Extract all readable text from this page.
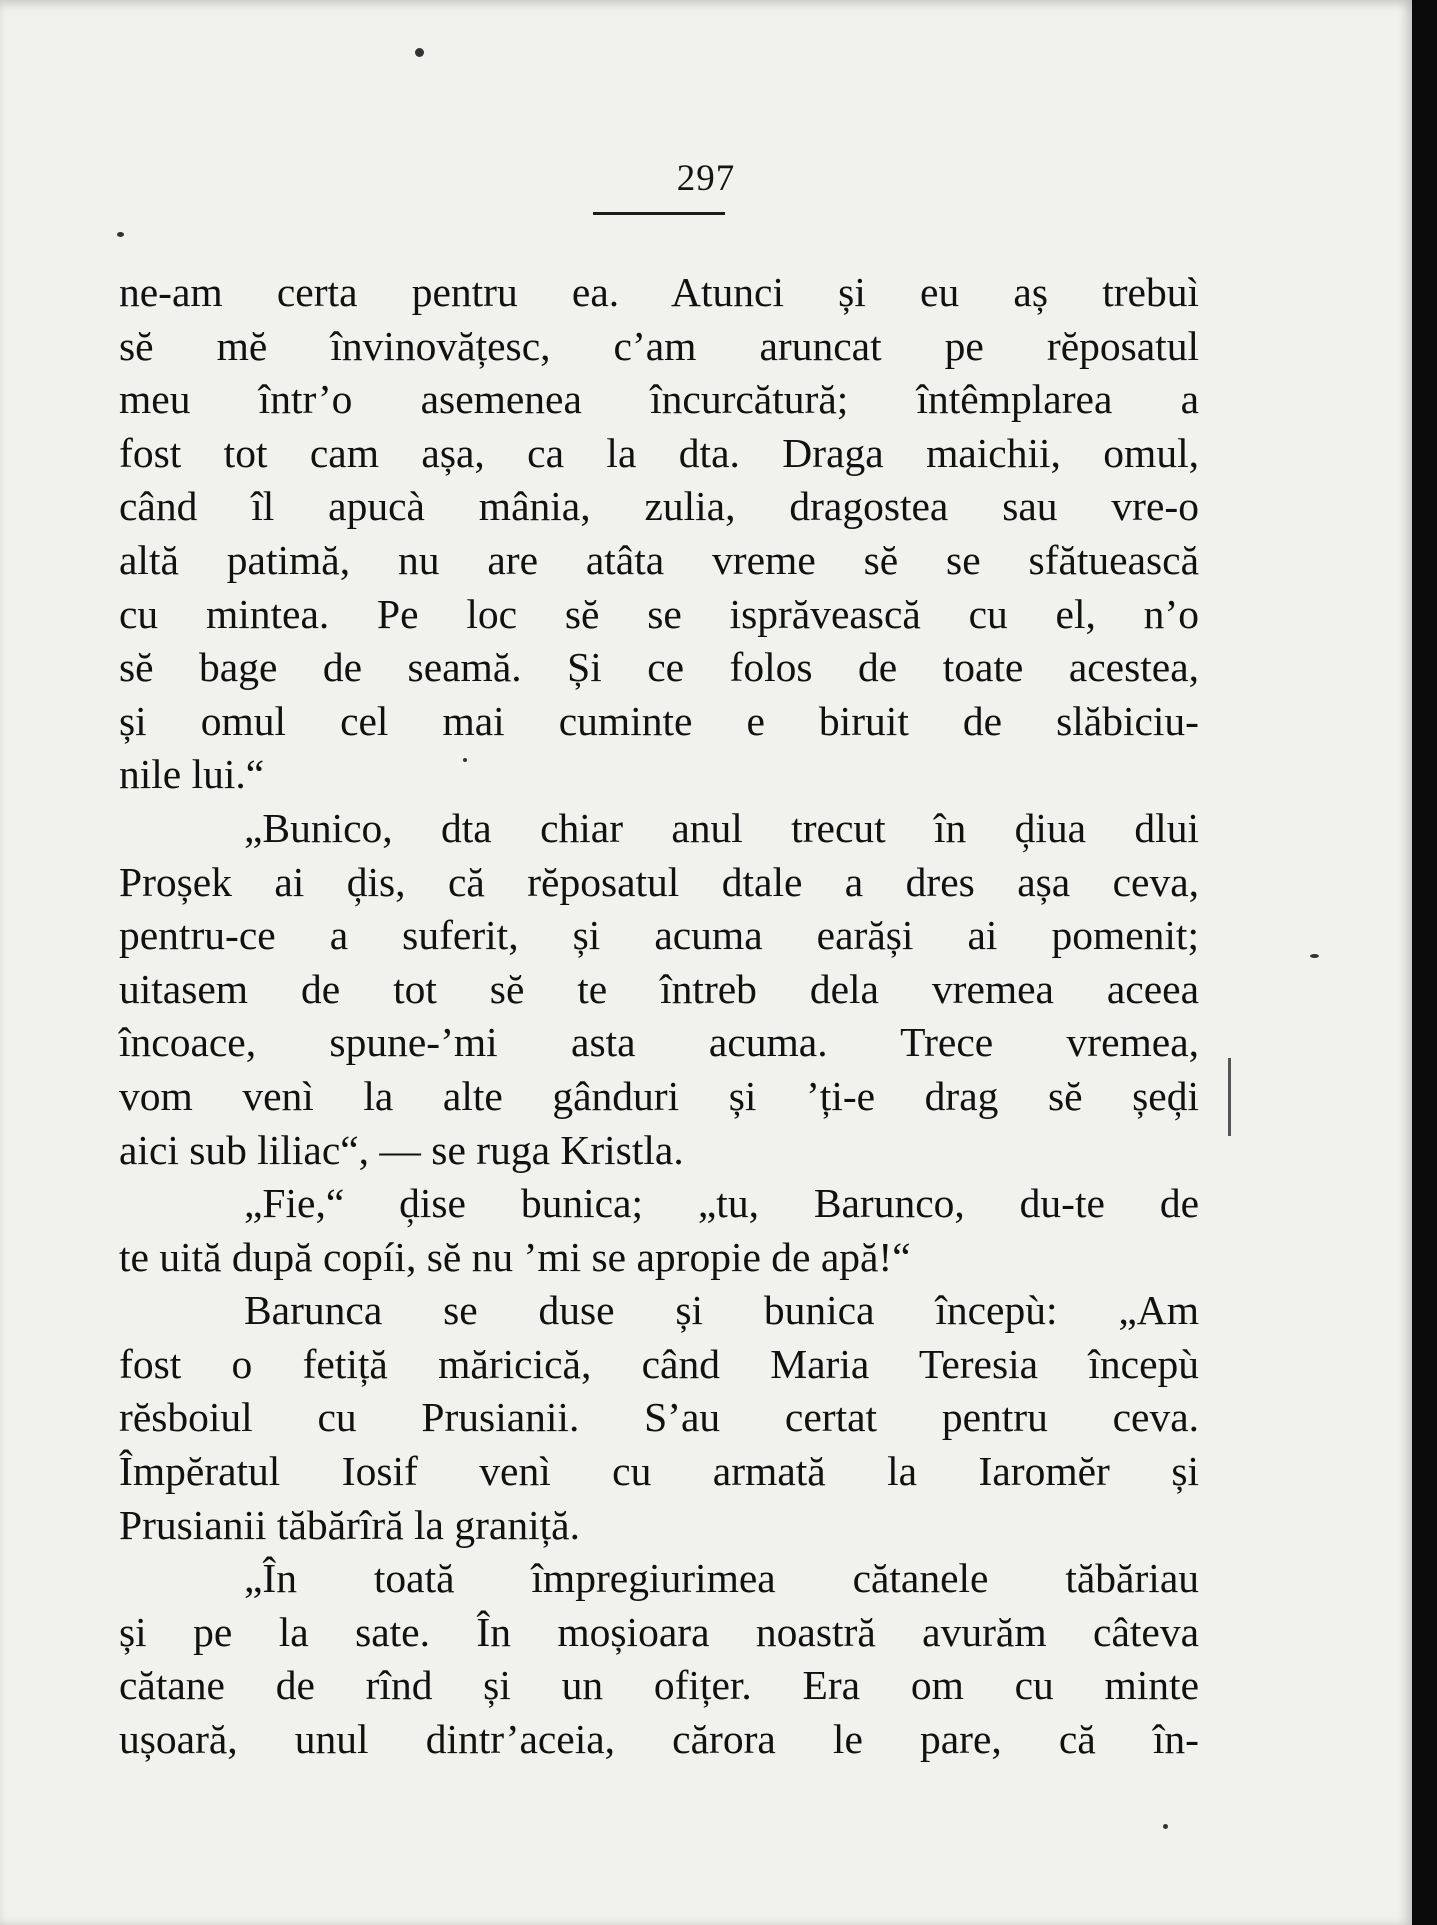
297
ne-am certa pentru ea. Atunci și eu aș trebuì
sĕ mĕ învinovățesc, c’am aruncat pe rĕposatul
meu într’o asemenea încurcătură; întêmplarea a
fost tot cam așa, ca la dta. Draga maichii, omul,
când îl apucà mânia, zulia, dragostea sau vre-o
altă patimă, nu are atâta vreme sĕ se sfătuească
cu mintea. Pe loc sĕ se isprăvească cu el, n’o
sĕ bage de seamă. Și ce folos de toate acestea,
și omul cel mai cuminte e biruit de slăbiciu-
nile lui.“
„Bunico, dta chiar anul trecut în ḑiua dlui
Proșek ai ḑis, că rĕposatul dtale a dres așa ceva,
pentru-ce a suferit, și acuma earăși ai pomenit;
uitasem de tot sĕ te întreb dela vremea aceea
încoace, spune-’mi asta acuma. Trece vremea,
vom venì la alte gânduri și ’ți-e drag sĕ șeḑi
aici sub liliac“, — se ruga Kristla.
„Fie,“ ḑise bunica; „tu, Barunco, du-te de
te uită după copíi, sĕ nu ’mi se apropie de apă!“
Barunca se duse și bunica începù: „Am
fost o fetiță măricică, când Maria Teresia începù
rĕsboiul cu Prusianii. S’au certat pentru ceva.
Împĕratul Iosif venì cu armată la Iaromĕr și
Prusianii tăbărîră la graniță.
„În toată împregiurimea cătanele tăbăriau
și pe la sate. În moșioara noastră avurăm câteva
cătane de rînd și un ofițer. Era om cu minte
ușoară, unul dintr’aceia, cărora le pare, că în-
